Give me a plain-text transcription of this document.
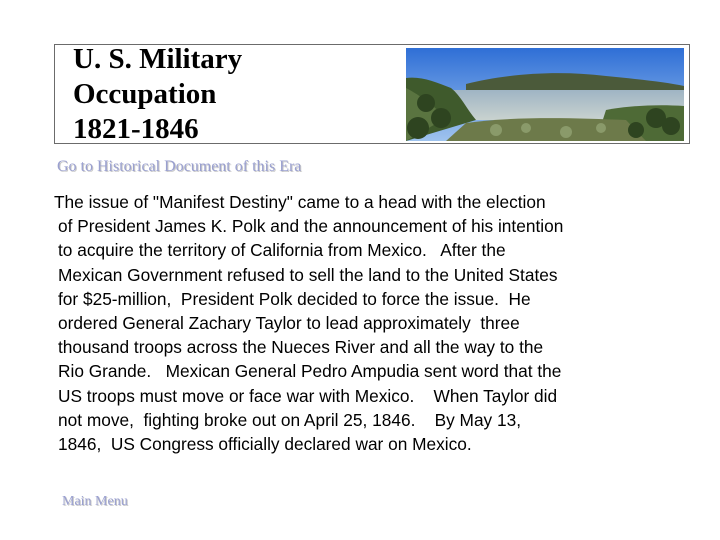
U. S. Military
Occupation
1821-1846
Go to Historical Document of this Era
The issue of "Manifest Destiny" came to a head with the election
of President James K. Polk and the announcement of his intention
to acquire the territory of California from Mexico.   After the
Mexican Government refused to sell the land to the United States
for $25-million,  President Polk decided to force the issue.  He
ordered General Zachary Taylor to lead approximately  three
thousand troops across the Nueces River and all the way to the
Rio Grande.   Mexican General Pedro Ampudia sent word that the
US troops must move or face war with Mexico.    When Taylor did
not move,  fighting broke out on April 25, 1846.    By May 13,
1846,  US Congress officially declared war on Mexico.
Main Menu
